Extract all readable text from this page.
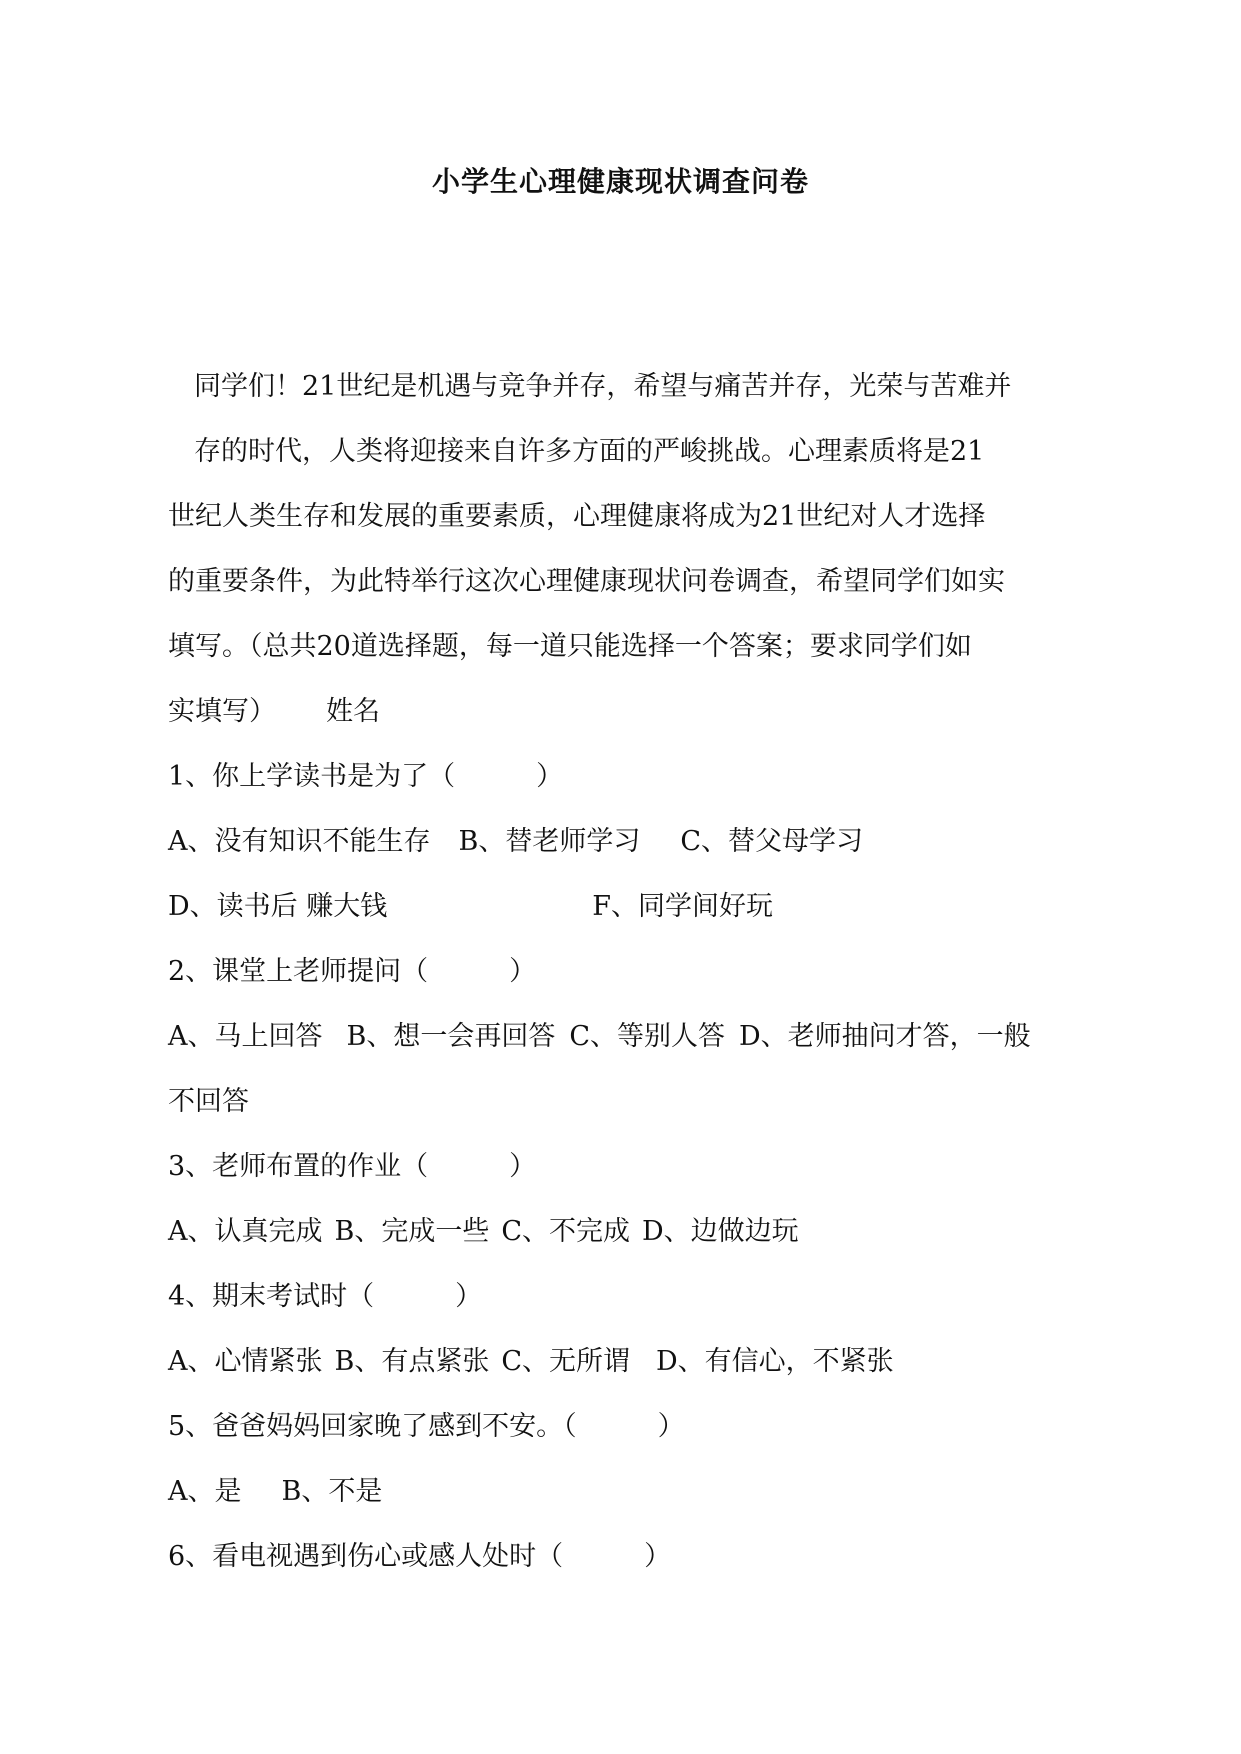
小学生心理健康现状调查问卷
同学们！21世纪是机遇与竞争并存，希望与痛苦并存，光荣与苦难并
存的时代，人类将迎接来自许多方面的严峻挑战。心理素质将是21
世纪人类生存和发展的重要素质，心理健康将成为21世纪对人才选择
的重要条件，为此特举行这次心理健康现状问卷调查，希望同学们如实
填写。（总共20道选择题，每一道只能选择一个答案；要求同学们如
实填写） 姓名
1、你上学读书是为了（　　　）
A、没有知识不能生存 B、替老师学习 C、替父母学习
D、读书后 赚大钱	F、同学间好玩
2、课堂上老师提问（　　　）
A、马上回答 B、想一会再回答 C、等别人答 D、老师抽问才答，一般
不回答
3、老师布置的作业（　　　）
A、认真完成 B、完成一些 C、不完成 D、边做边玩
4、期末考试时（　　　）
A、心情紧张 B、有点紧张 C、无所谓 D、有信心，不紧张
5、爸爸妈妈回家晚了感到不安。（　　　）
A、是 B、不是
6、看电视遇到伤心或感人处时（　　　）
